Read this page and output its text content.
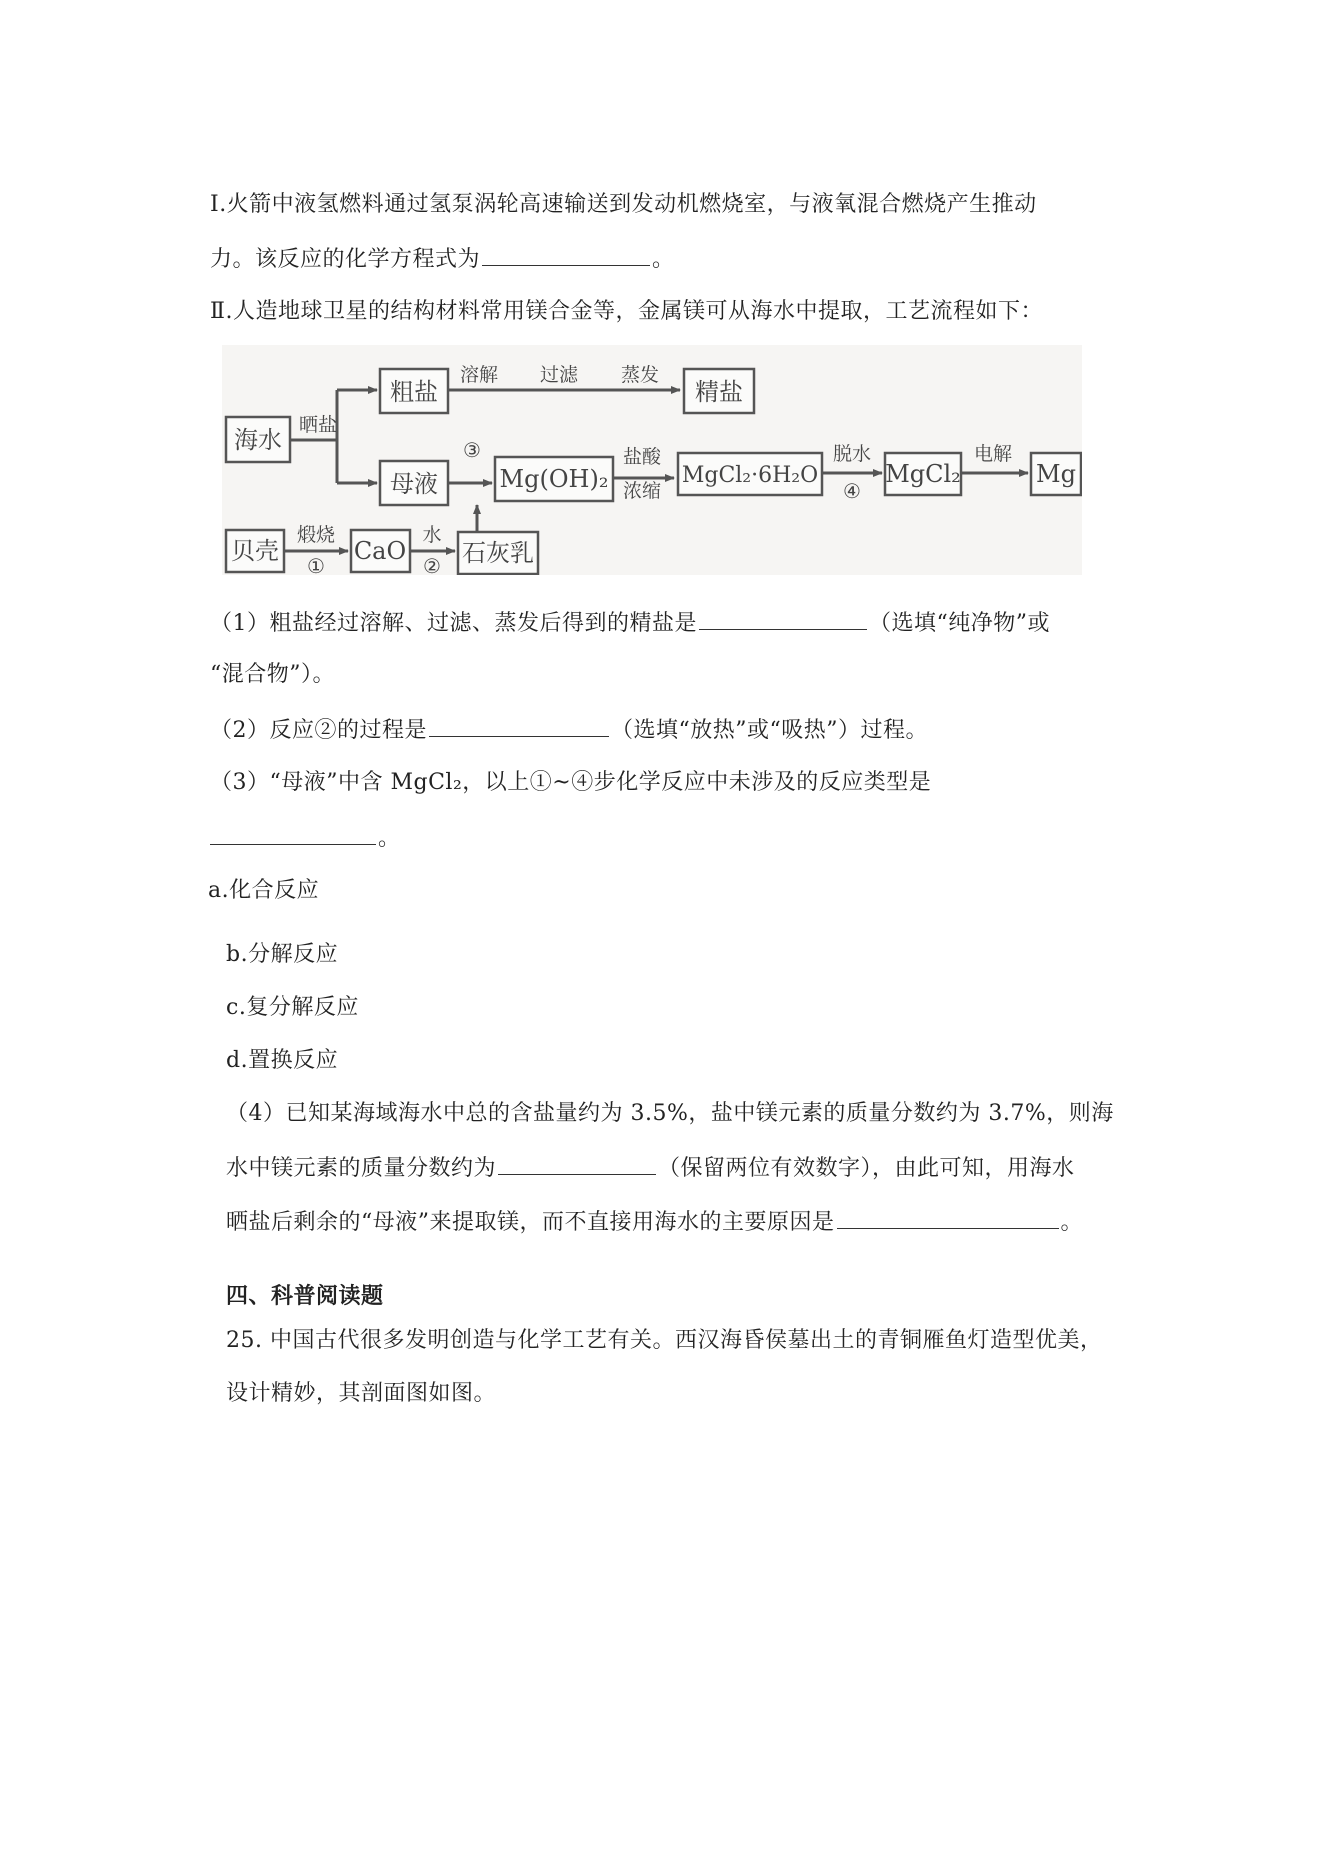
Ⅰ.火箭中液氢燃料通过氢泵涡轮高速输送到发动机燃烧室，与液氧混合燃烧产生推动
力。该反应的化学方程式为	。
Ⅱ.人造地球卫星的结构材料常用镁合金等，金属镁可从海水中提取，工艺流程如下：
海水
粗盐	精盐
母液	Mg(OH)₂	MgCl₂·6H₂O	MgCl₂	Mg
贝壳	CaO 石灰乳
晒盐
溶解 过滤 蒸发
盐酸
浓缩
脱水	电解
煅烧	水
③
④
①	②
（1）粗盐经过溶解、过滤、蒸发后得到的精盐是	（选填“纯净物”或
“混合物”）。
（2）反应②的过程是	（选填“放热”或“吸热”）过程。
（3）“母液”中含 MgCl₂，以上①~④步化学反应中未涉及的反应类型是
。
a.化合反应
b.分解反应
c.复分解反应
d.置换反应
（4）已知某海域海水中总的含盐量约为 3.5%，盐中镁元素的质量分数约为 3.7%，则海
水中镁元素的质量分数约为	（保留两位有效数字），由此可知，用海水
晒盐后剩余的“母液”来提取镁，而不直接用海水的主要原因是	。
四、科普阅读题
25. 中国古代很多发明创造与化学工艺有关。西汉海昏侯墓出土的青铜雁鱼灯造型优美，
设计精妙，其剖面图如图。
